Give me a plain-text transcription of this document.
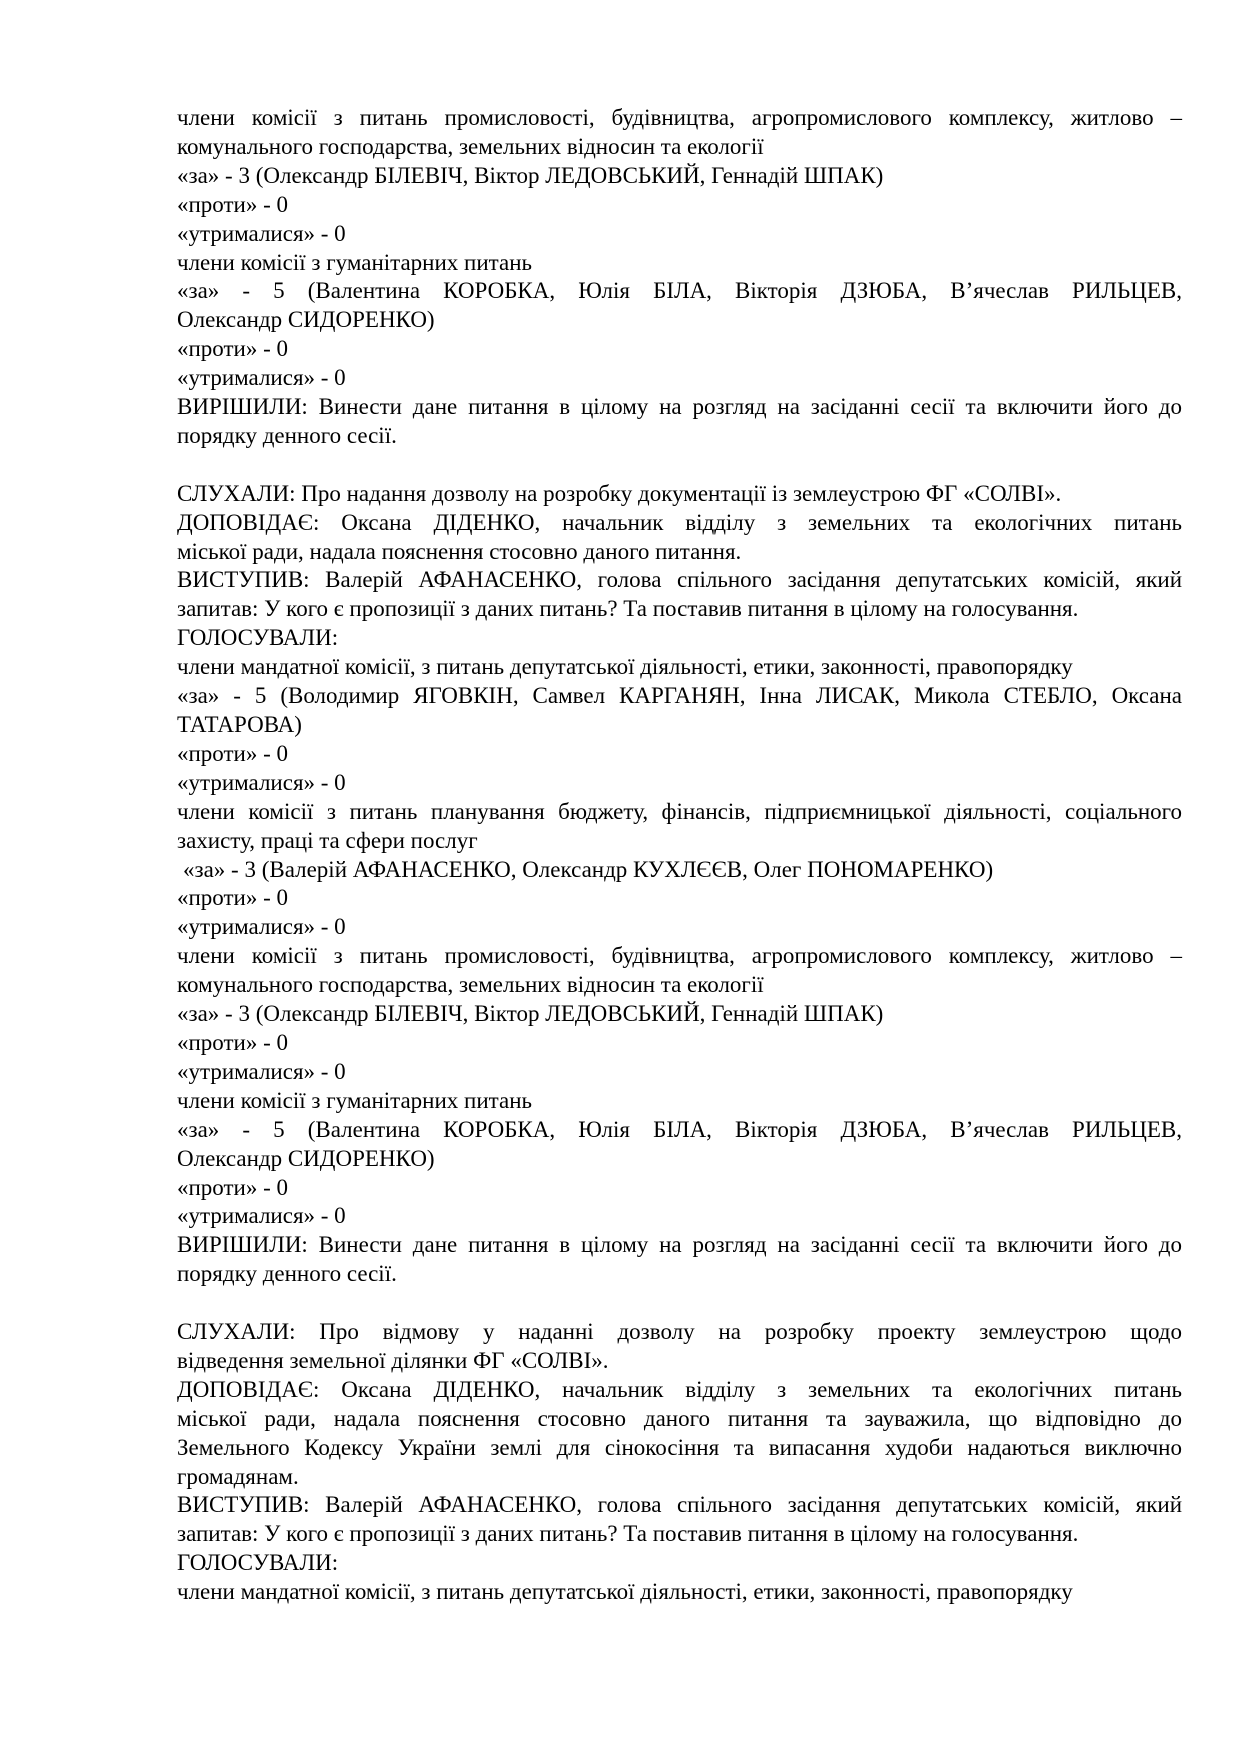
члени комісії з питань промисловості, будівництва, агропромислового комплексу, житлово –
комунального господарства, земельних відносин та екології
«за» - 3 (Олександр БІЛЕВІЧ, Віктор ЛЕДОВСЬКИЙ, Геннадій ШПАК)
«проти» - 0
«утрималися» - 0
члени комісії з гуманітарних питань
«за» - 5 (Валентина КОРОБКА, Юлія БІЛА, Вікторія ДЗЮБА, В’ячеслав РИЛЬЦЕВ,
Олександр СИДОРЕНКО)
«проти» - 0
«утрималися» - 0
ВИРІШИЛИ: Винести дане питання в цілому на розгляд на засіданні сесії та включити його до
порядку денного сесії.
СЛУХАЛИ: Про надання дозволу на розробку документації із землеустрою ФГ «СОЛВІ».
ДОПОВІДАЄ: Оксана ДІДЕНКО, начальник відділу з земельних та екологічних питань
міської ради, надала пояснення стосовно даного питання.
ВИСТУПИВ: Валерій АФАНАСЕНКО, голова спільного засідання депутатських комісій, який
запитав: У кого є пропозиції з даних питань? Та поставив питання в цілому на голосування.
ГОЛОСУВАЛИ:
члени мандатної комісії, з питань депутатської діяльності, етики, законності, правопорядку
«за» - 5 (Володимир ЯГОВКІН, Самвел КАРГАНЯН, Інна ЛИСАК, Микола СТЕБЛО, Оксана
ТАТАРОВА)
«проти» - 0
«утрималися» - 0
члени комісії з питань планування бюджету, фінансів, підприємницької діяльності, соціального
захисту, праці та сфери послуг
«за» - 3 (Валерій АФАНАСЕНКО, Олександр КУХЛЄЄВ, Олег ПОНОМАРЕНКО)
«проти» - 0
«утрималися» - 0
члени комісії з питань промисловості, будівництва, агропромислового комплексу, житлово –
комунального господарства, земельних відносин та екології
«за» - 3 (Олександр БІЛЕВІЧ, Віктор ЛЕДОВСЬКИЙ, Геннадій ШПАК)
«проти» - 0
«утрималися» - 0
члени комісії з гуманітарних питань
«за» - 5 (Валентина КОРОБКА, Юлія БІЛА, Вікторія ДЗЮБА, В’ячеслав РИЛЬЦЕВ,
Олександр СИДОРЕНКО)
«проти» - 0
«утрималися» - 0
ВИРІШИЛИ: Винести дане питання в цілому на розгляд на засіданні сесії та включити його до
порядку денного сесії.
СЛУХАЛИ: Про відмову у наданні дозволу на розробку проекту землеустрою щодо
відведення земельної ділянки ФГ «СОЛВІ».
ДОПОВІДАЄ: Оксана ДІДЕНКО, начальник відділу з земельних та екологічних питань
міської ради, надала пояснення стосовно даного питання та зауважила, що відповідно до
Земельного Кодексу України землі для сінокосіння та випасання худоби надаються виключно
громадянам.
ВИСТУПИВ: Валерій АФАНАСЕНКО, голова спільного засідання депутатських комісій, який
запитав: У кого є пропозиції з даних питань? Та поставив питання в цілому на голосування.
ГОЛОСУВАЛИ:
члени мандатної комісії, з питань депутатської діяльності, етики, законності, правопорядку
